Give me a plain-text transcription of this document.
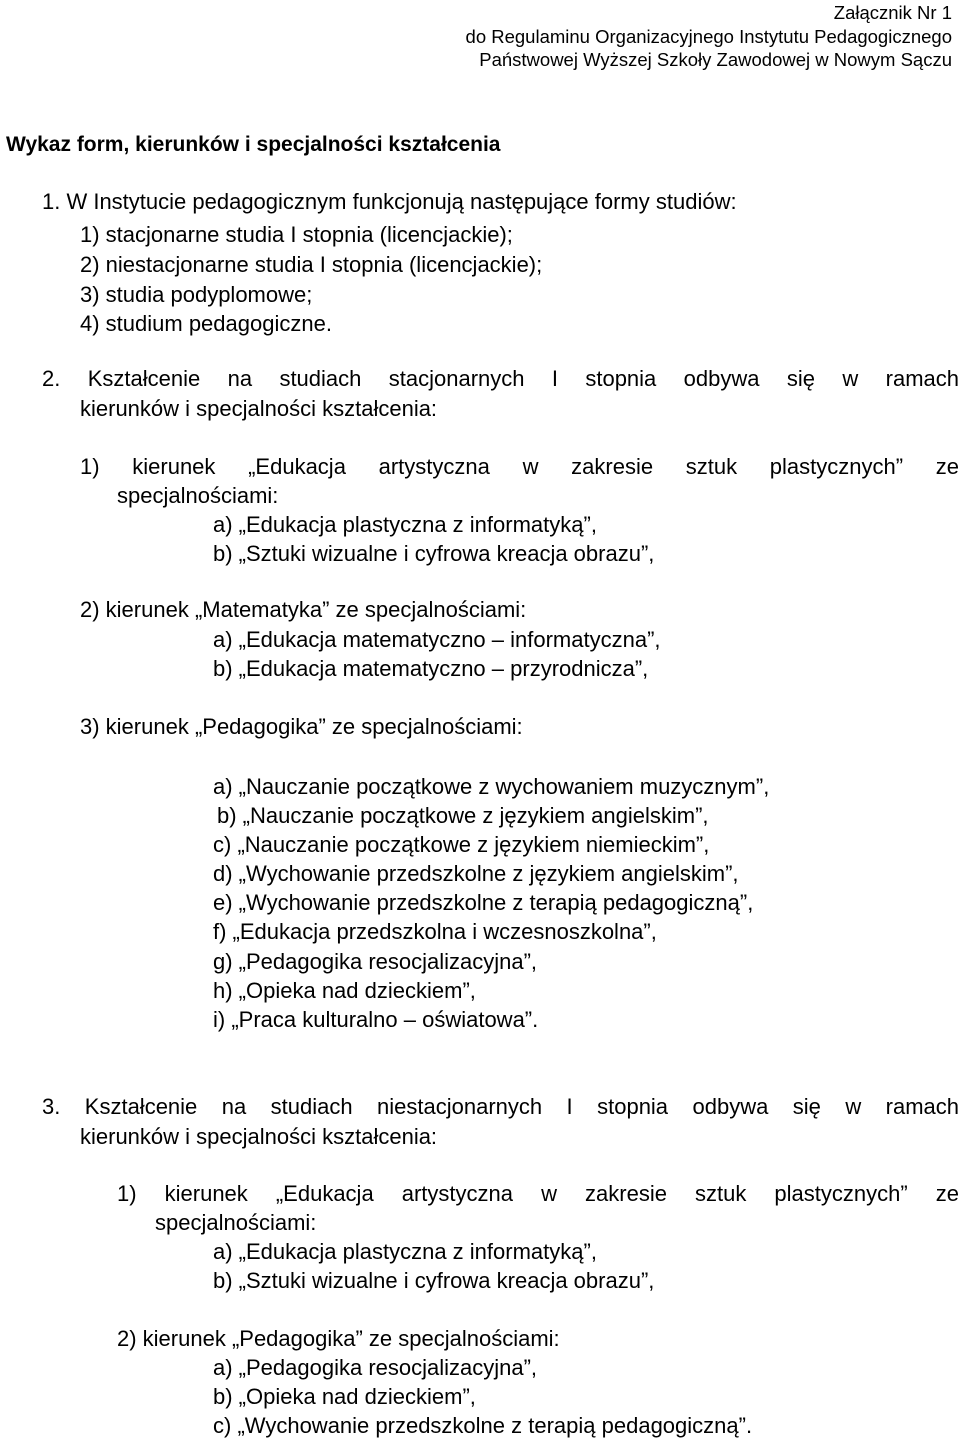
Załącznik Nr 1
do Regulaminu Organizacyjnego Instytutu Pedagogicznego
Państwowej Wyższej Szkoły Zawodowej w Nowym Sączu
Wykaz form, kierunków i specjalności kształcenia
1. W Instytucie pedagogicznym funkcjonują następujące formy studiów:
1) stacjonarne studia I stopnia (licencjackie);
2) niestacjonarne studia I stopnia (licencjackie);
3) studia podyplomowe;
4) studium pedagogiczne.
2. Kształcenie na studiach stacjonarnych I stopnia odbywa się w ramach
kierunków i specjalności kształcenia:
1) kierunek „Edukacja artystyczna w zakresie sztuk plastycznych” ze
specjalnościami:
a) „Edukacja plastyczna z informatyką”,
b) „Sztuki wizualne i cyfrowa kreacja obrazu”,
2) kierunek „Matematyka” ze specjalnościami:
a) „Edukacja matematyczno – informatyczna”,
b) „Edukacja matematyczno – przyrodnicza”,
3) kierunek „Pedagogika” ze specjalnościami:
a) „Nauczanie początkowe z wychowaniem muzycznym”,
b) „Nauczanie początkowe z językiem angielskim”,
c) „Nauczanie początkowe z językiem niemieckim”,
d) „Wychowanie przedszkolne z językiem angielskim”,
e) „Wychowanie przedszkolne z terapią pedagogiczną”,
f) „Edukacja przedszkolna i wczesnoszkolna”,
g) „Pedagogika resocjalizacyjna”,
h) „Opieka nad dzieckiem”,
i) „Praca kulturalno – oświatowa”.
3. Kształcenie na studiach niestacjonarnych I stopnia odbywa się w ramach
kierunków i specjalności kształcenia:
1) kierunek „Edukacja artystyczna w zakresie sztuk plastycznych” ze
specjalnościami:
a) „Edukacja plastyczna z informatyką”,
b) „Sztuki wizualne i cyfrowa kreacja obrazu”,
2) kierunek „Pedagogika” ze specjalnościami:
a) „Pedagogika resocjalizacyjna”,
b) „Opieka nad dzieckiem”,
c) „Wychowanie przedszkolne z terapią pedagogiczną”.
